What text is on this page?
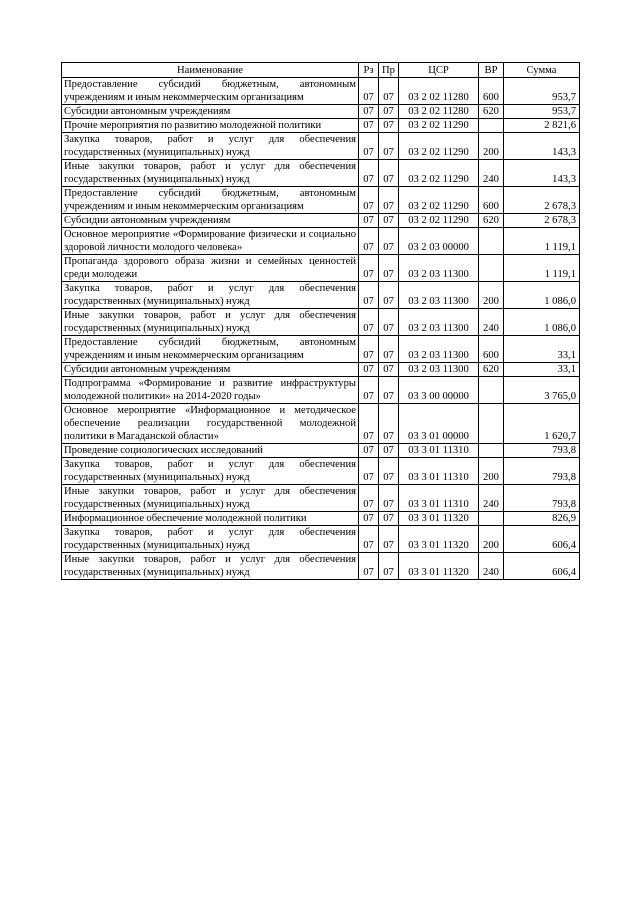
Наименование	Рз	Пр	ЦСР	ВР	Сумма
Предоставление субсидий бюджетным, автономным учреждениям и иным некоммерческим организациям	07	07	03 2 02 11280	600	953,7
Субсидии автономным учреждениям	07	07	03 2 02 11280	620	953,7
Прочие мероприятия по развитию молодежной политики	07	07	03 2 02 11290		2 821,6
Закупка товаров, работ и услуг для обеспечения государственных (муниципальных) нужд	07	07	03 2 02 11290	200	143,3
Иные закупки товаров, работ и услуг для обеспечения государственных (муниципальных) нужд	07	07	03 2 02 11290	240	143,3
Предоставление субсидий бюджетным, автономным учреждениям и иным некоммерческим организациям	07	07	03 2 02 11290	600	2 678,3
Субсидии автономным учреждениям	07	07	03 2 02 11290	620	2 678,3
Основное мероприятие «Формирование физически и социально здоровой личности молодого человека»	07	07	03 2 03 00000		1 119,1
Пропаганда здорового образа жизни и семейных ценностей среди молодежи	07	07	03 2 03 11300		1 119,1
Закупка товаров, работ и услуг для обеспечения государственных (муниципальных) нужд	07	07	03 2 03 11300	200	1 086,0
Иные закупки товаров, работ и услуг для обеспечения государственных (муниципальных) нужд	07	07	03 2 03 11300	240	1 086,0
Предоставление субсидий бюджетным, автономным учреждениям и иным некоммерческим организациям	07	07	03 2 03 11300	600	33,1
Субсидии автономным учреждениям	07	07	03 2 03 11300	620	33,1
Подпрограмма «Формирование и развитие инфраструктуры молодежной политики» на 2014-2020 годы»	07	07	03 3 00 00000		3 765,0
Основное мероприятие «Информационное и методическое обеспечение реализации государственной молодежной политики в Магаданской области»	07	07	03 3 01 00000		1 620,7
Проведение социологических исследований	07	07	03 3 01 11310		793,8
Закупка товаров, работ и услуг для обеспечения государственных (муниципальных) нужд	07	07	03 3 01 11310	200	793,8
Иные закупки товаров, работ и услуг для обеспечения государственных (муниципальных) нужд	07	07	03 3 01 11310	240	793,8
Информационное обеспечение молодежной политики	07	07	03 3 01 11320		826,9
Закупка товаров, работ и услуг для обеспечения государственных (муниципальных) нужд	07	07	03 3 01 11320	200	606,4
Иные закупки товаров, работ и услуг для обеспечения государственных (муниципальных) нужд	07	07	03 3 01 11320	240	606,4
